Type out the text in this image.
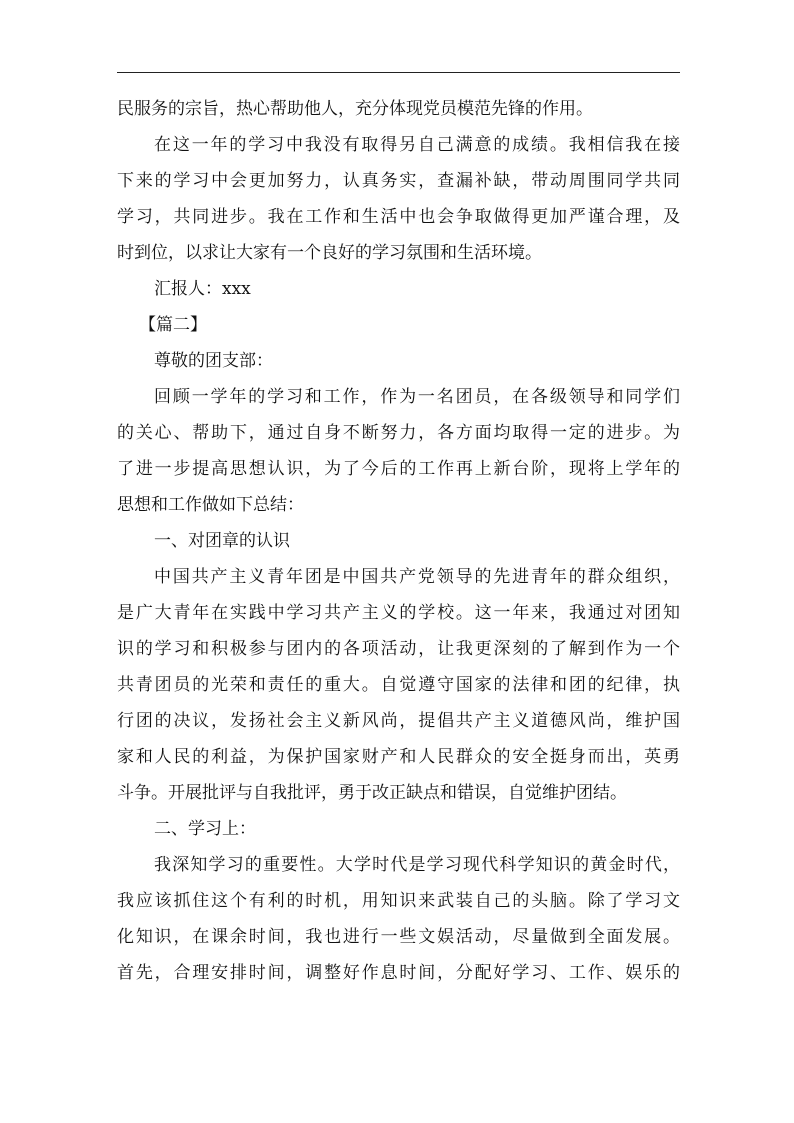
民服务的宗旨，热心帮助他人，充分体现党员模范先锋的作用。
在这一年的学习中我没有取得另自己满意的成绩。我相信我在接
下来的学习中会更加努力，认真务实，查漏补缺，带动周围同学共同
学习，共同进步。我在工作和生活中也会争取做得更加严谨合理，及
时到位，以求让大家有一个良好的学习氛围和生活环境。
汇报人：xxx
【篇二】
尊敬的团支部：
回顾一学年的学习和工作，作为一名团员，在各级领导和同学们
的关心、帮助下，通过自身不断努力，各方面均取得一定的进步。为
了进一步提高思想认识，为了今后的工作再上新台阶，现将上学年的
思想和工作做如下总结：
一、对团章的认识
中国共产主义青年团是中国共产党领导的先进青年的群众组织，
是广大青年在实践中学习共产主义的学校。这一年来，我通过对团知
识的学习和积极参与团内的各项活动，让我更深刻的了解到作为一个
共青团员的光荣和责任的重大。自觉遵守国家的法律和团的纪律，执
行团的决议，发扬社会主义新风尚，提倡共产主义道德风尚，维护国
家和人民的利益，为保护国家财产和人民群众的安全挺身而出，英勇
斗争。开展批评与自我批评，勇于改正缺点和错误，自觉维护团结。
二、学习上：
我深知学习的重要性。大学时代是学习现代科学知识的黄金时代，
我应该抓住这个有利的时机，用知识来武装自己的头脑。除了学习文
化知识，在课余时间，我也进行一些文娱活动，尽量做到全面发展。
首先，合理安排时间，调整好作息时间，分配好学习、工作、娱乐的
